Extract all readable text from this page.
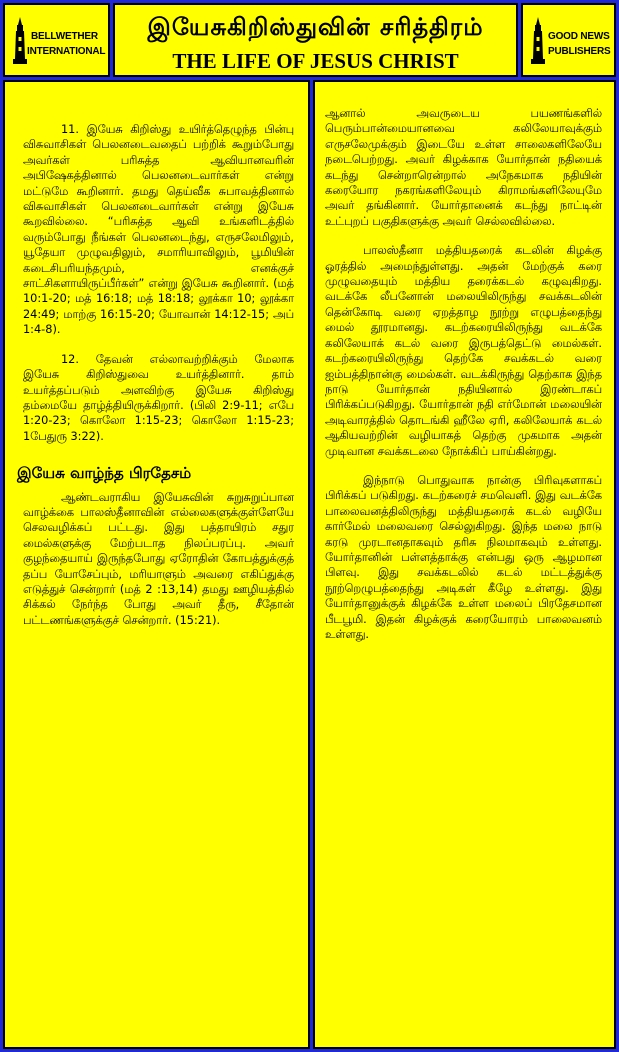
BELLWETHER
INTERNATIONAL
இயேசுகிறிஸ்துவின் சரித்திரம்
THE LIFE OF JESUS CHRIST
GOOD NEWS
PUBLISHERS

11. இயேசு கிறிஸ்து உயிர்த்தெழுந்த பின்பு விசுவாசிகள் பெலனடைவதைப் பற்றிக் கூறும்போது அவர்கள் பரிசுத்த ஆவியானவரின் அபிஷேகத்தினால் பெலனடைவார்கள் என்று மட்டுமே கூறினார். தமது தெய்வீக சுபாவத்தினால் விசுவாசிகள் பெலனடைவார்கள் என்று இயேசு கூறவில்லை. “பரிசுத்த ஆவி உங்களிடத்தில் வரும்போது நீங்கள் பெலனடைந்து, எருசலேமிலும், யூதேயா முழுவதிலும், சமாரியாவிலும், பூமியின் கடைசிபரியந்தமும், எனக்குச் சாட்சிகளாயிருப்பீர்கள்” என்று இயேசு கூறினார். (மத் 10:1-20; மத் 16:18; மத் 18:18; லூக்கா 10; லூக்கா 24:49; மாற்கு 16:15-20; யோவான் 14:12-15; அப் 1:4-8).

12. தேவன் எல்லாவற்றிக்கும் மேலாக இயேசு கிறிஸ்துவை உயர்த்தினார். தாம் உயர்த்தப்படும் அளவிற்கு இயேசு கிறிஸ்து தம்மையே தாழ்த்தியிருக்கிறார். (பிலி 2:9-11; எபே 1:20-23; கொலோ 1:15-23; கொலோ 1:15-23; 1பேதுரு 3:22).

இயேசு வாழ்ந்த பிரதேசம்

ஆண்டவராகிய இயேசுவின் சுறுசுறுப்பான வாழ்க்கை பாலஸ்தீனாவின் எல்லைகளுக்குள்ளேயே செலவழிக்கப் பட்டது. இது பத்தாயிரம் சதுர மைல்களுக்கு மேற்படாத நிலப்பரப்பு. அவர் குழந்தையாய் இருந்தபோது ஏரோதின் கோபத்துக்குத் தப்ப யோசேப்பும், மரியாளும் அவரை எகிப்துக்கு எடுத்துச் சென்றார் (மத் 2 :13,14) தமது ஊழியத்தில் சிக்கல் நேர்ந்த போது அவர் தீரு, சீதோன் பட்டணங்களுக்குச் சென்றார். (15:21).

ஆனால் அவருடைய பயணங்களில் பெரும்பான்மையானவை கலிலேயாவுக்கும் எருசலேமுக்கும் இடையே உள்ள சாலைகளிலேயே நடைபெற்றது. அவர் கிழக்காக யோர்தான் நதியைக் கடந்து சென்றாரென்றால் அநேகமாக நதியின் கரையோர நகரங்களிலேயும் கிராமங்களிலேயுமே அவர் தங்கினார். யோர்தானைக் கடந்து நாட்டின் உட்புறப் பகுதிகளுக்கு அவர் செல்லவில்லை.

பாலஸ்தீனா மத்தியதரைக் கடலின் கிழக்கு ஓரத்தில் அமைந்துள்ளது. அதன் மேற்குக் கரை முழுவதையும் மத்திய தரைக்கடல் கழுவுகிறது. வடக்கே லீபனோன் மலையிலிருந்து சவக்கடலின் தென்கோடி வரை ஏறத்தாழ நூற்று எழுபத்தைந்து மைல் தூரமானது. கடற்கரையிலிருந்து வடக்கே கலிலேயாக் கடல் வரை இருபத்தெட்டு மைல்கள். கடற்கரையிலிருந்து தெற்கே சவக்கடல் வரை ஐம்பத்திநான்கு மைல்கள். வடக்கிருந்து தெற்காக இந்த நாடு யோர்தான் நதியினால் இரண்டாகப் பிரிக்கப்படுகிறது. யோர்தான் நதி எர்மோன் மலையின் அடிவாரத்தில் தொடங்கி ஹீலே ஏரி, கலிலேயாக் கடல் ஆகியவற்றின் வழியாகத் தெற்கு முகமாக அதன் முடிவான சவக்கடலை நோக்கிப் பாய்கின்றது.

இந்நாடு பொதுவாக நான்கு பிரிவுகளாகப் பிரிக்கப் படுகிறது. கடற்கரைச் சமவெளி. இது வடக்கே பாலைவனத்திலிருந்து மத்தியதரைக் கடல் வழியே கார்மேல் மலைவரை செல்லுகிறது. இந்த மலை நாடு கரடு முரடானதாகவும் தரிசு நிலமாகவும் உள்ளது. யோர்தானின் பள்ளத்தாக்கு என்பது ஒரு ஆழமான பிளவு. இது சவக்கடலில் கடல் மட்டத்துக்கு நூற்றெழுபத்தைந்து அடிகள் கீழே உள்ளது. இது யோர்தானுக்குக் கிழக்கே உள்ள மலைப் பிரதேசமான பீடபூமி. இதன் கிழக்குக் கரையோரம் பாலைவனம் உள்ளது.
